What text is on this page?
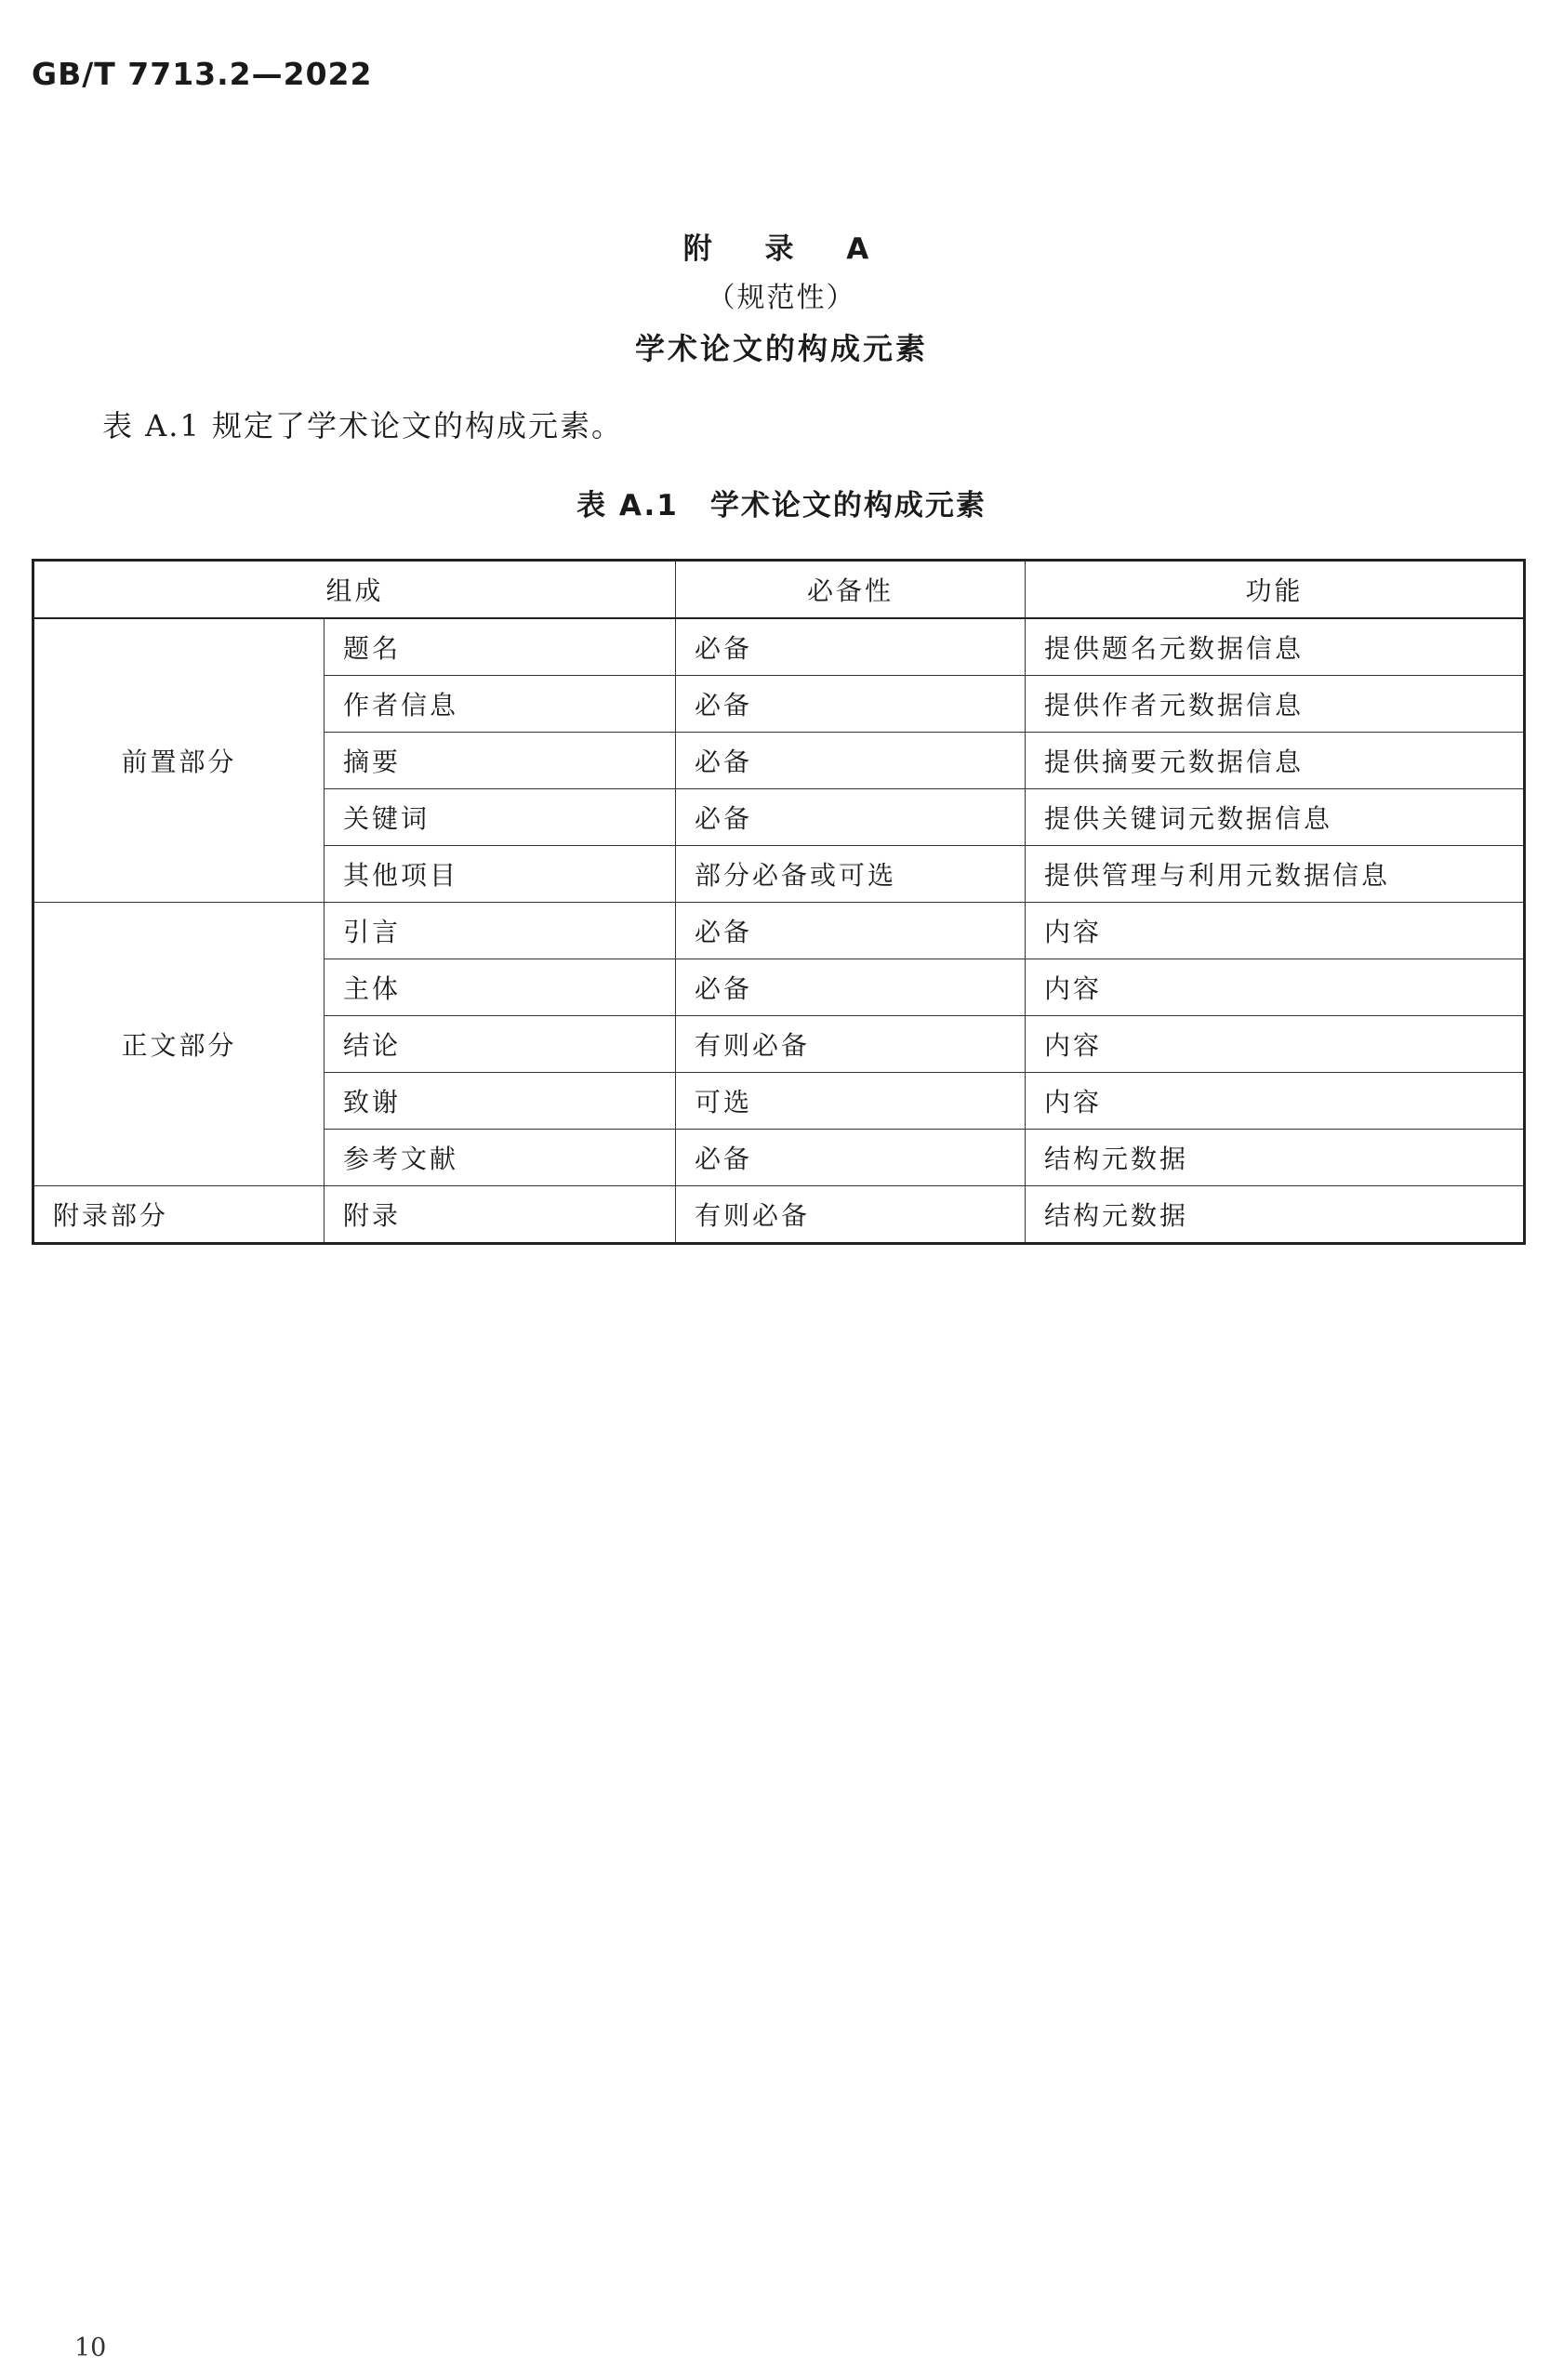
GB/T 7713.2—2022
附 录 A
（规范性）
学术论文的构成元素
表 A.1 规定了学术论文的构成元素。
表 A.1 学术论文的构成元素
组成		必备性	功能
前置部分	题名	必备	提供题名元数据信息
	作者信息	必备	提供作者元数据信息
	摘要	必备	提供摘要元数据信息
	关键词	必备	提供关键词元数据信息
	其他项目	部分必备或可选	提供管理与利用元数据信息
正文部分	引言	必备	内容
	主体	必备	内容
	结论	有则必备	内容
	致谢	可选	内容
	参考文献	必备	结构元数据
附录部分	附录	有则必备	结构元数据
10
